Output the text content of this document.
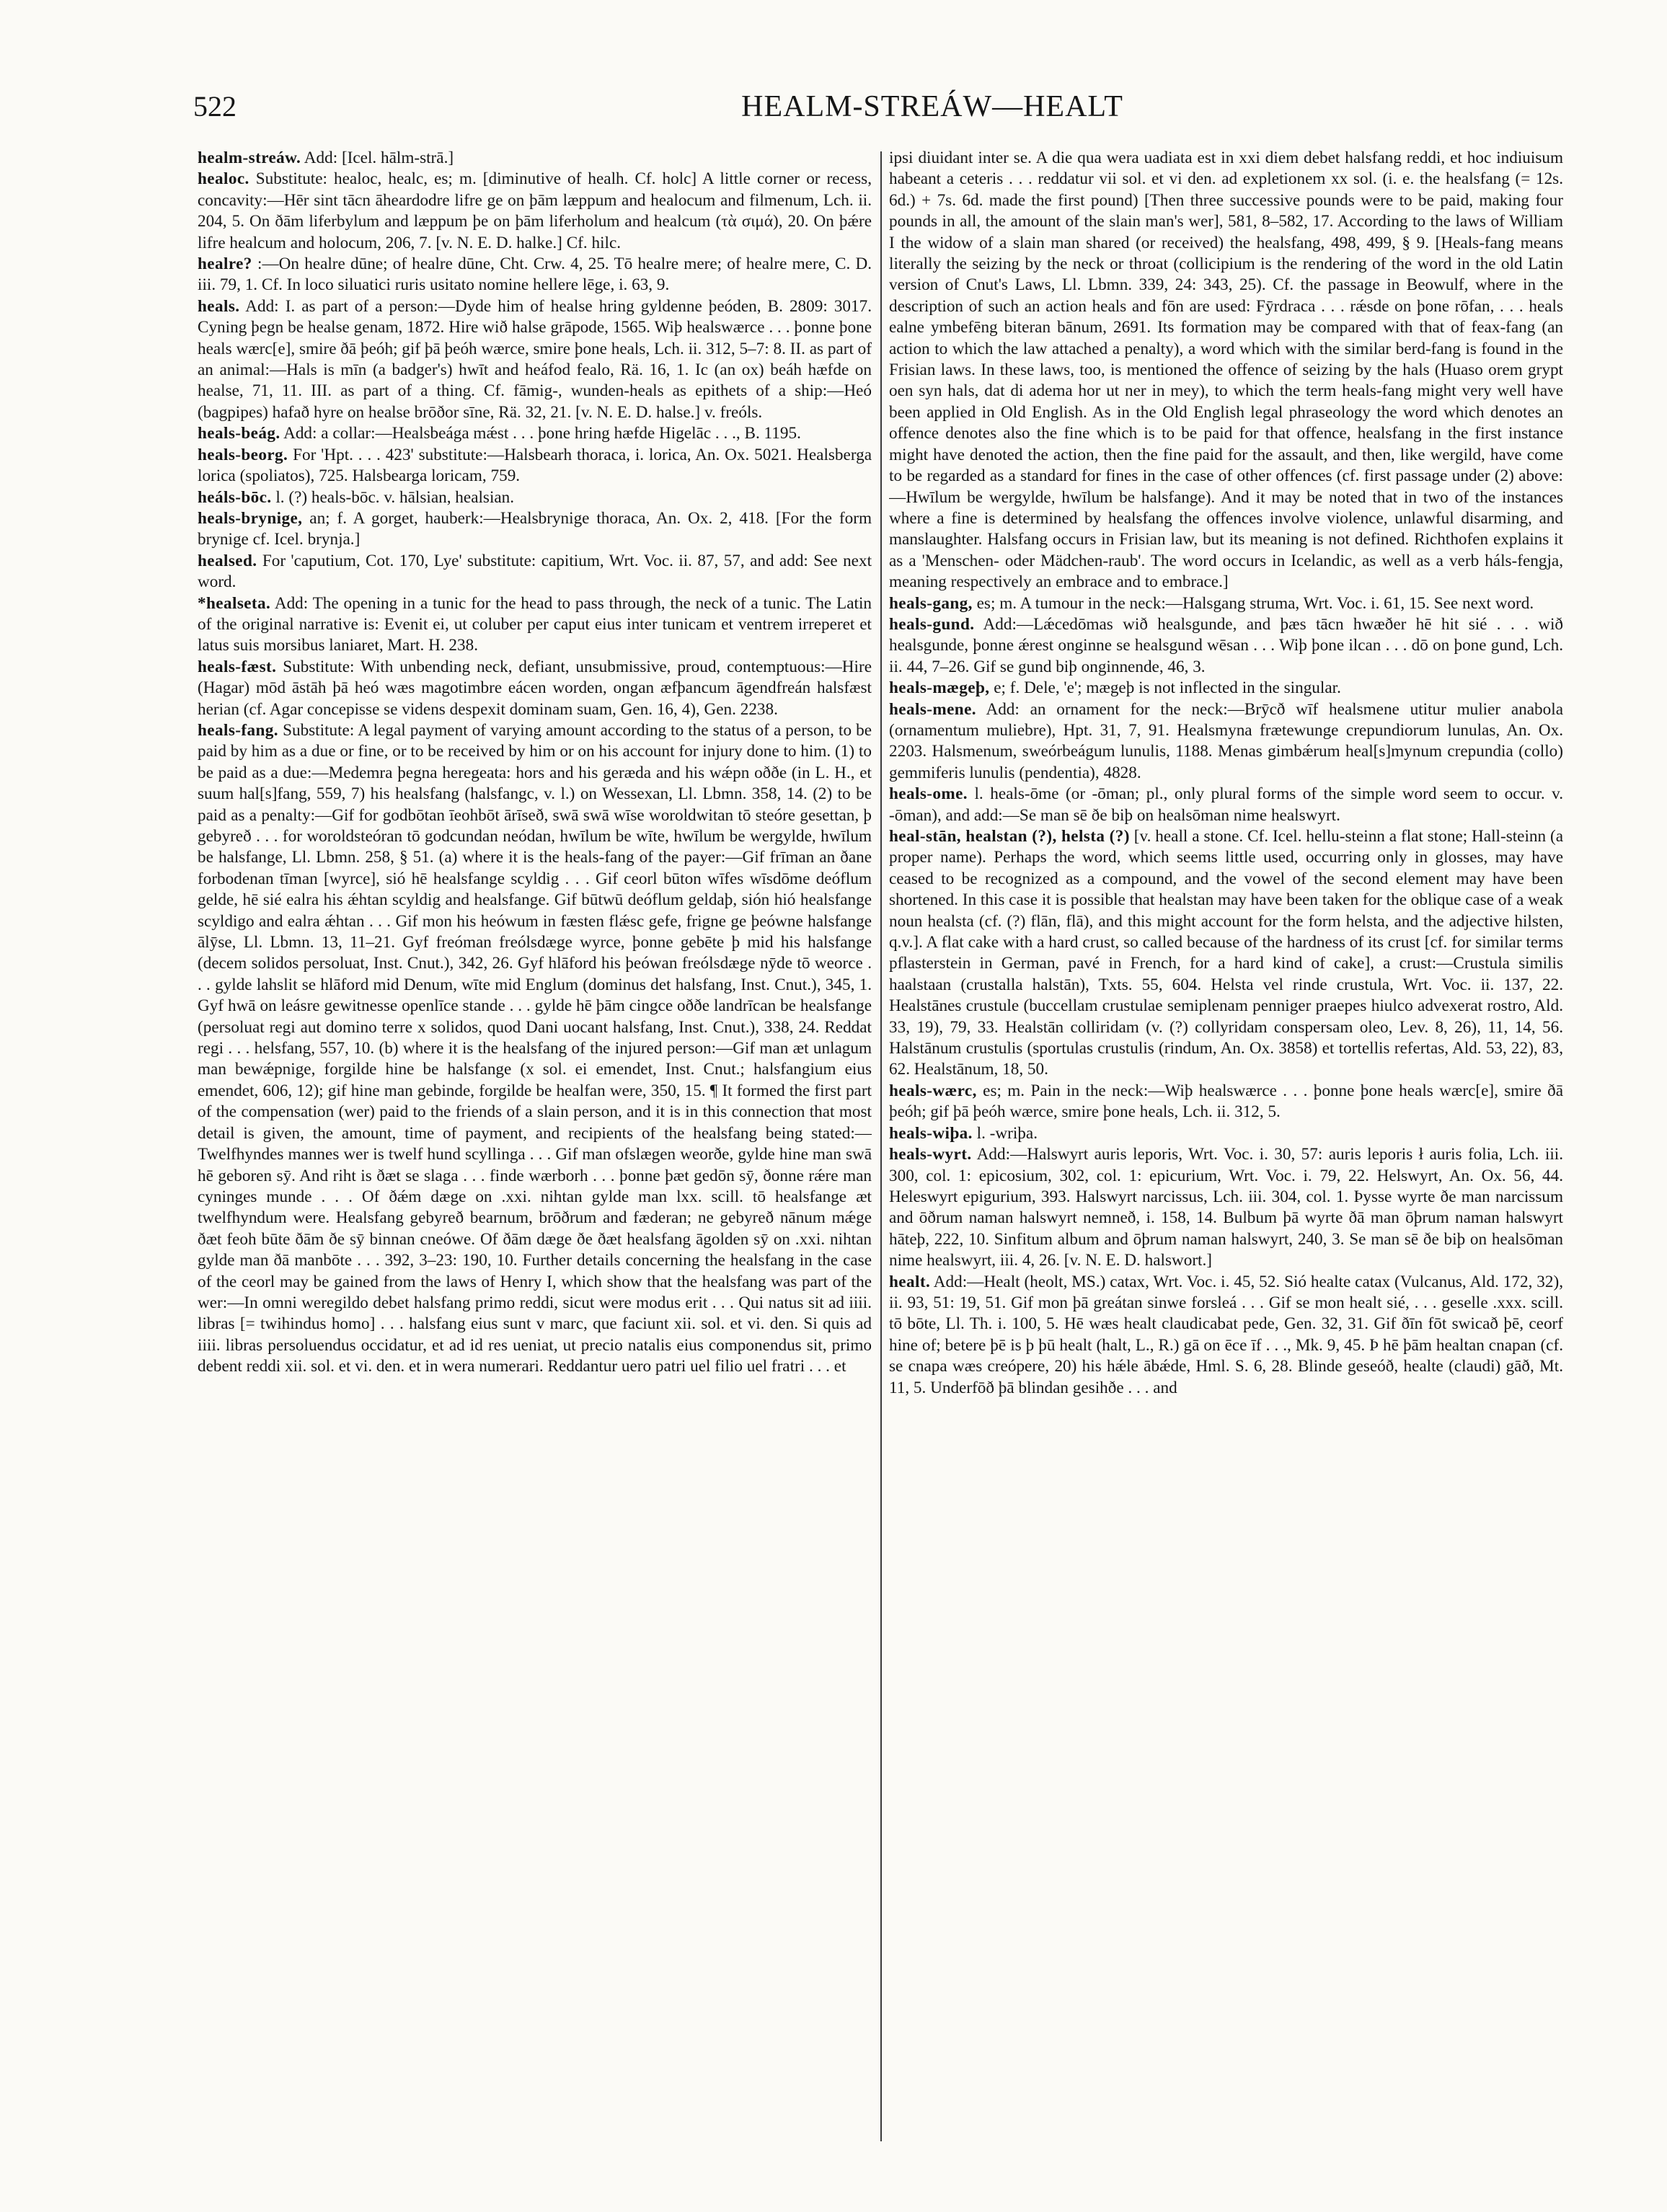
522	HEALM-STREÁW—HEALT

healm-streáw. Add: [Icel. hālm-strā.]

healoc. Substitute: healoc, healc, es; m. [diminutive of healh. Cf. holc] A little corner or recess, concavity:—Hēr sint tācn āheardodre lifre ge on þām læppum and healocum and filmenum, Lch. ii. 204, 5. On ðām liferbylum and læppum þe on þām liferholum and healcum (τὰ σιμά), 20. On þǽre lifre healcum and holocum, 206, 7. [v. N. E. D. halke.] Cf. hilc.

healre? :—On healre dūne; of healre dūne, Cht. Crw. 4, 25. Tō healre mere; of healre mere, C. D. iii. 79, 1. Cf. In loco siluatici ruris usitato nomine hellere lēge, i. 63, 9.

heals. Add: I. as part of a person:—Dyde him of healse hring gyldenne þeóden, B. 2809: 3017. Cyning þegn be healse genam, 1872. Hire wið halse grāpode, 1565. Wiþ healswærce . . . þonne þone heals wærc[e], smire ðā þeóh; gif þā þeóh wærce, smire þone heals, Lch. ii. 312, 5–7: 8. II. as part of an animal:—Hals is mīn (a badger's) hwīt and heáfod fealo, Rä. 16, 1. Ic (an ox) beáh hæfde on healse, 71, 11. III. as part of a thing. Cf. fāmig-, wunden-heals as epithets of a ship:—Heó (bagpipes) hafað hyre on healse brōðor sīne, Rä. 32, 21. [v. N. E. D. halse.] v. freóls.

heals-beág. Add: a collar:—Healsbeága mǽst . . . þone hring hæfde Higelāc . . ., B. 1195.

heals-beorg. For 'Hpt. . . . 423' substitute:—Halsbearh thoraca, i. lorica, An. Ox. 5021. Healsberga lorica (spoliatos), 725. Halsbearga loricam, 759.

heáls-bōc. l. (?) heals-bōc. v. hālsian, healsian.

heals-brynige, an; f. A gorget, hauberk:—Healsbrynige thoraca, An. Ox. 2, 418. [For the form brynige cf. Icel. brynja.]

healsed. For 'caputium, Cot. 170, Lye' substitute: capitium, Wrt. Voc. ii. 87, 57, and add: See next word.

*healseta. Add: The opening in a tunic for the head to pass through, the neck of a tunic. The Latin of the original narrative is: Evenit ei, ut coluber per caput eius inter tunicam et ventrem irreperet et latus suis morsibus laniaret, Mart. H. 238.

heals-fæst. Substitute: With unbending neck, defiant, unsubmissive, proud, contemptuous:—Hire (Hagar) mōd āstāh þā heó wæs magotimbre eácen worden, ongan æfþancum āgendfreán halsfæst herian (cf. Agar concepisse se videns despexit dominam suam, Gen. 16, 4), Gen. 2238.

heals-fang. Substitute: A legal payment of varying amount according to the status of a person, to be paid by him as a due or fine, or to be received by him or on his account for injury done to him. (1) to be paid as a due:—Medemra þegna heregeata: hors and his geræda and his wǽpn oððe (in L. H., et suum hal[s]fang, 559, 7) his healsfang (halsfangc, v. l.) on Wessexan, Ll. Lbmn. 358, 14. (2) to be paid as a penalty:—Gif for godbōtan īeohbōt ārīseð, swā swā wīse woroldwitan tō steóre gesettan, þ gebyreð . . . for woroldsteóran tō godcundan neódan, hwīlum be wīte, hwīlum be wergylde, hwīlum be halsfange, Ll. Lbmn. 258, § 51. (a) where it is the heals-fang of the payer:—Gif frīman an ðane forbodenan tīman [wyrce], sió hē healsfange scyldig . . . Gif ceorl būton wīfes wīsdōme deóflum gelde, hē sié ealra his ǽhtan scyldig and healsfange. Gif būtwū deóflum geldaþ, sión hió healsfange scyldigo and ealra ǽhtan . . . Gif mon his heówum in fæsten flǽsc gefe, frigne ge þeówne halsfange ālȳse, Ll. Lbmn. 13, 11–21. Gyf freóman freólsdæge wyrce, þonne gebēte þ mid his halsfange (decem solidos persoluat, Inst. Cnut.), 342, 26. Gyf hlāford his þeówan freólsdæge nȳde tō weorce . . . gylde lahslit se hlāford mid Denum, wīte mid Englum (dominus det halsfang, Inst. Cnut.), 345, 1. Gyf hwā on leásre gewitnesse openlīce stande . . . gylde hē þām cingce oððe landrīcan be healsfange (persoluat regi aut domino terre x solidos, quod Dani uocant halsfang, Inst. Cnut.), 338, 24. Reddat regi . . . helsfang, 557, 10. (b) where it is the healsfang of the injured person:—Gif man æt unlagum man bewǽpnige, forgilde hine be halsfange (x sol. ei emendet, Inst. Cnut.; halsfangium eius emendet, 606, 12); gif hine man gebinde, forgilde be healfan were, 350, 15. ¶ It formed the first part of the compensation (wer) paid to the friends of a slain person, and it is in this connection that most detail is given, the amount, time of payment, and recipients of the healsfang being stated:—Twelfhyndes mannes wer is twelf hund scyllinga . . . Gif man ofslægen weorðe, gylde hine man swā hē geboren sȳ. And riht is ðæt se slaga . . . finde wærborh . . . þonne þæt gedōn sȳ, ðonne rǽre man cyninges munde . . . Of ðǽm dæge on .xxi. nihtan gylde man lxx. scill. tō healsfange æt twelfhyndum were. Healsfang gebyreð bearnum, brōðrum and fæderan; ne gebyreð nānum mǽge ðæt feoh būte ðām ðe sȳ binnan cneówe. Of ðām dæge ðe ðæt healsfang āgolden sȳ on .xxi. nihtan gylde man ðā manbōte . . . 392, 3–23: 190, 10. Further details concerning the healsfang in the case of the ceorl may be gained from the laws of Henry I, which show that the healsfang was part of the wer:—In omni weregildo debet halsfang primo reddi, sicut were modus erit . . . Qui natus sit ad iiii. libras [= twihindus homo] . . . halsfang eius sunt v marc, que faciunt xii. sol. et vi. den. Si quis ad iiii. libras persoluendus occidatur, et ad id res ueniat, ut precio natalis eius componendus sit, primo debent reddi xii. sol. et vi. den. et in wera numerari. Reddantur uero patri uel filio uel fratri . . . et

ipsi diuidant inter se. A die qua wera uadiata est in xxi diem debet halsfang reddi, et hoc indiuisum habeant a ceteris . . . reddatur vii sol. et vi den. ad expletionem xx sol. (i. e. the healsfang (= 12s. 6d.) + 7s. 6d. made the first pound) [Then three successive pounds were to be paid, making four pounds in all, the amount of the slain man's wer], 581, 8–582, 17. According to the laws of William I the widow of a slain man shared (or received) the healsfang, 498, 499, § 9. [Heals-fang means literally the seizing by the neck or throat (collicipium is the rendering of the word in the old Latin version of Cnut's Laws, Ll. Lbmn. 339, 24: 343, 25). Cf. the passage in Beowulf, where in the description of such an action heals and fōn are used: Fȳrdraca . . . rǽsde on þone rōfan, . . . heals ealne ymbefēng biteran bānum, 2691. Its formation may be compared with that of feax-fang (an action to which the law attached a penalty), a word which with the similar berd-fang is found in the Frisian laws. In these laws, too, is mentioned the offence of seizing by the hals (Huaso orem grypt oen syn hals, dat di adema hor ut ner in mey), to which the term heals-fang might very well have been applied in Old English. As in the Old English legal phraseology the word which denotes an offence denotes also the fine which is to be paid for that offence, healsfang in the first instance might have denoted the action, then the fine paid for the assault, and then, like wergild, have come to be regarded as a standard for fines in the case of other offences (cf. first passage under (2) above:—Hwīlum be wergylde, hwīlum be halsfange). And it may be noted that in two of the instances where a fine is determined by healsfang the offences involve violence, unlawful disarming, and manslaughter. Halsfang occurs in Frisian law, but its meaning is not defined. Richthofen explains it as a 'Menschen- oder Mädchen-raub'. The word occurs in Icelandic, as well as a verb háls-fengja, meaning respectively an embrace and to embrace.]

heals-gang, es; m. A tumour in the neck:—Halsgang struma, Wrt. Voc. i. 61, 15. See next word.

heals-gund. Add:—Lǽcedōmas wið healsgunde, and þæs tācn hwæðer hē hit sié . . . wið healsgunde, þonne ǽrest onginne se healsgund wēsan . . . Wiþ þone ilcan . . . dō on þone gund, Lch. ii. 44, 7–26. Gif se gund biþ onginnende, 46, 3.

heals-mægeþ, e; f. Dele, 'e'; mægeþ is not inflected in the singular.

heals-mene. Add: an ornament for the neck:—Brȳcð wīf healsmene utitur mulier anabola (ornamentum muliebre), Hpt. 31, 7, 91. Healsmyna frætewunge crepundiorum lunulas, An. Ox. 2203. Halsmenum, sweórbeágum lunulis, 1188. Menas gimbǽrum heal[s]mynum crepundia (collo) gemmiferis lunulis (pendentia), 4828.

heals-ome. l. heals-ōme (or -ōman; pl., only plural forms of the simple word seem to occur. v. -ōman), and add:—Se man sē ðe biþ on healsōman nime healswyrt.

heal-stān, healstan (?), helsta (?) [v. heall a stone. Cf. Icel. hellu-steinn a flat stone; Hall-steinn (a proper name). Perhaps the word, which seems little used, occurring only in glosses, may have ceased to be recognized as a compound, and the vowel of the second element may have been shortened. In this case it is possible that healstan may have been taken for the oblique case of a weak noun healsta (cf. (?) flān, flā), and this might account for the form helsta, and the adjective hilsten, q.v.]. A flat cake with a hard crust, so called because of the hardness of its crust [cf. for similar terms pflasterstein in German, pavé in French, for a hard kind of cake], a crust:—Crustula similis haalstaan (crustalla halstān), Txts. 55, 604. Helsta vel rinde crustula, Wrt. Voc. ii. 137, 22. Healstānes crustule (buccellam crustulae semiplenam penniger praepes hiulco advexerat rostro, Ald. 33, 19), 79, 33. Healstān colliridam (v. (?) collyridam conspersam oleo, Lev. 8, 26), 11, 14, 56. Halstānum crustulis (sportulas crustulis (rindum, An. Ox. 3858) et tortellis refertas, Ald. 53, 22), 83, 62. Healstānum, 18, 50.

heals-wærc, es; m. Pain in the neck:—Wiþ healswærce . . . þonne þone heals wærc[e], smire ðā þeóh; gif þā þeóh wærce, smire þone heals, Lch. ii. 312, 5.

heals-wiþa. l. -wriþa.

heals-wyrt. Add:—Halswyrt auris leporis, Wrt. Voc. i. 30, 57: auris leporis ł auris folia, Lch. iii. 300, col. 1: epicosium, 302, col. 1: epicurium, Wrt. Voc. i. 79, 22. Helswyrt, An. Ox. 56, 44. Heleswyrt epigurium, 393. Halswyrt narcissus, Lch. iii. 304, col. 1. Þysse wyrte ðe man narcissum and ōðrum naman halswyrt nemneð, i. 158, 14. Bulbum þā wyrte ðā man ōþrum naman halswyrt hāteþ, 222, 10. Sinfitum album and ōþrum naman halswyrt, 240, 3. Se man sē ðe biþ on healsōman nime healswyrt, iii. 4, 26. [v. N. E. D. halswort.]

healt. Add:—Healt (heolt, MS.) catax, Wrt. Voc. i. 45, 52. Sió healte catax (Vulcanus, Ald. 172, 32), ii. 93, 51: 19, 51. Gif mon þā greátan sinwe forsleá . . . Gif se mon healt sié, . . . geselle .xxx. scill. tō bōte, Ll. Th. i. 100, 5. Hē wæs healt claudicabat pede, Gen. 32, 31. Gif ðīn fōt swicað þē, ceorf hine of; betere þē is þ þū healt (halt, L., R.) gā on ēce īf . . ., Mk. 9, 45. Þ hē þām healtan cnapan (cf. se cnapa wæs creópere, 20) his hǽle ābǽde, Hml. S. 6, 28. Blinde geseóð, healte (claudi) gāð, Mt. 11, 5. Underfōð þā blindan gesihðe . . . and
